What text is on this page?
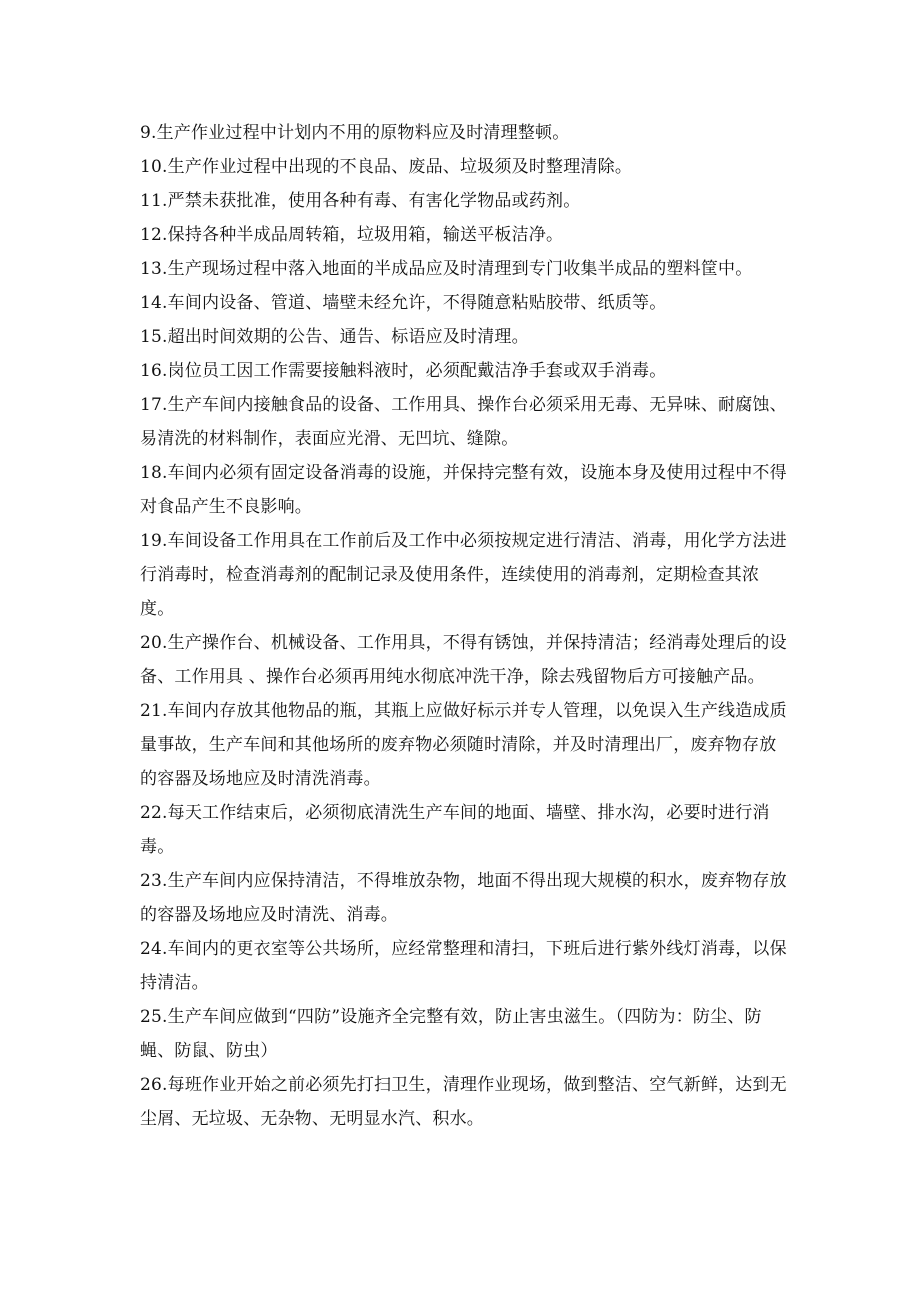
9.生产作业过程中计划内不用的原物料应及时清理整顿。

10.生产作业过程中出现的不良品、废品、垃圾须及时整理清除。

11.严禁未获批准，使用各种有毒、有害化学物品或药剂。

12.保持各种半成品周转箱，垃圾用箱，输送平板洁净。

13.生产现场过程中落入地面的半成品应及时清理到专门收集半成品的塑料筐中。

14.车间内设备、管道、墙壁未经允许，不得随意粘贴胶带、纸质等。

15.超出时间效期的公告、通告、标语应及时清理。

16.岗位员工因工作需要接触料液时，必须配戴洁净手套或双手消毒。

17.生产车间内接触食品的设备、工作用具、操作台必须采用无毒、无异味、耐腐蚀、易清洗的材料制作，表面应光滑、无凹坑、缝隙。

18.车间内必须有固定设备消毒的设施，并保持完整有效，设施本身及使用过程中不得对食品产生不良影响。

19.车间设备工作用具在工作前后及工作中必须按规定进行清洁、消毒，用化学方法进行消毒时，检查消毒剂的配制记录及使用条件，连续使用的消毒剂，定期检查其浓度。

20.生产操作台、机械设备、工作用具，不得有锈蚀，并保持清洁；经消毒处理后的设备、工作用具 、操作台必须再用纯水彻底冲洗干净，除去残留物后方可接触产品。

21.车间内存放其他物品的瓶，其瓶上应做好标示并专人管理，以免误入生产线造成质量事故，生产车间和其他场所的废弃物必须随时清除，并及时清理出厂，废弃物存放的容器及场地应及时清洗消毒。

22.每天工作结束后，必须彻底清洗生产车间的地面、墙壁、排水沟，必要时进行消毒。

23.生产车间内应保持清洁，不得堆放杂物，地面不得出现大规模的积水，废弃物存放的容器及场地应及时清洗、消毒。

24.车间内的更衣室等公共场所，应经常整理和清扫，下班后进行紫外线灯消毒，以保持清洁。

25.生产车间应做到“四防”设施齐全完整有效，防止害虫滋生。（四防为：防尘、防蝇、防鼠、防虫）

26.每班作业开始之前必须先打扫卫生，清理作业现场，做到整洁、空气新鲜，达到无尘屑、无垃圾、无杂物、无明显水汽、积水。
